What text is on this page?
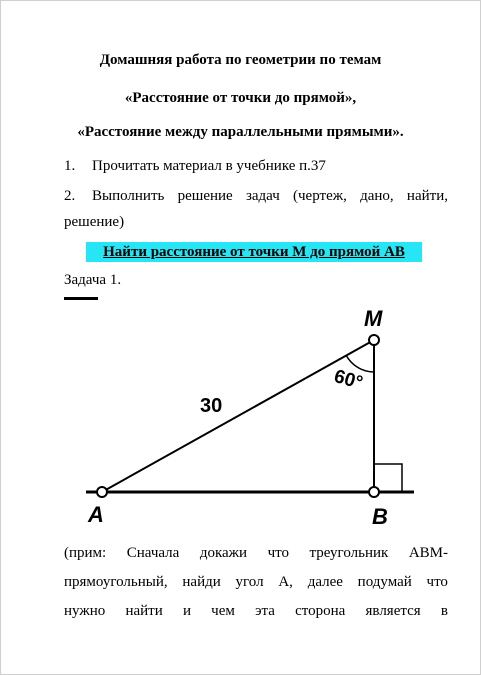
Домашняя работа по геометрии по темам
«Расстояние от точки до прямой»,
«Расстояние между параллельными прямыми».
1. Прочитать материал в учебнике п.37
2. Выполнить решение задач (чертеж, дано, найти,
решение)
Найти расстояние от точки M до прямой AB
Задача 1.
M
A	B
30
60°
(прим: Сначала докажи что треугольник ABM-
прямоугольный, найди угол A, далее подумай что
нужно найти и чем эта сторона является в
